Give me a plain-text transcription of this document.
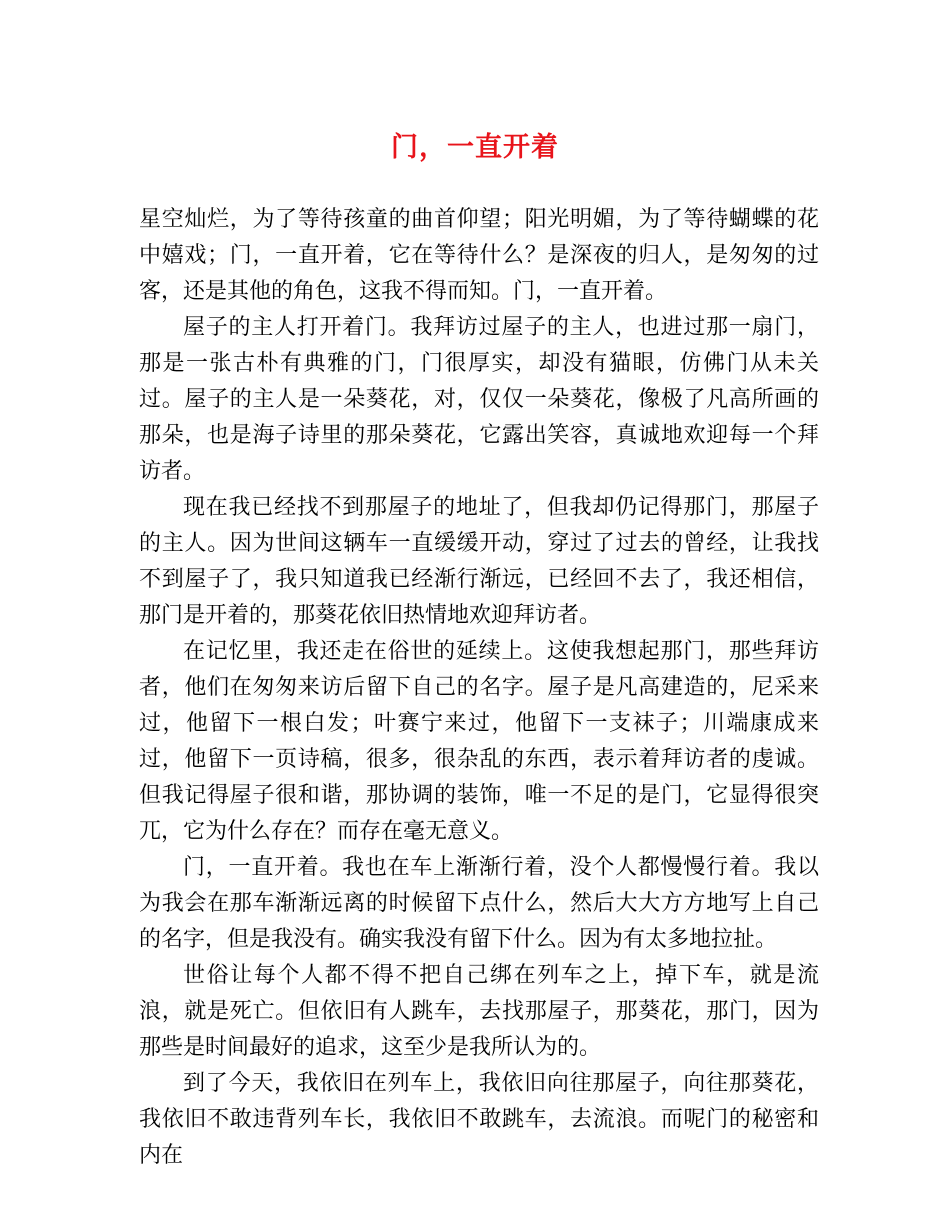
门，一直开着

星空灿烂，为了等待孩童的曲首仰望；阳光明媚，为了等待蝴蝶的花中嬉戏；门，一直开着，它在等待什么？是深夜的归人，是匆匆的过客，还是其他的角色，这我不得而知。门，一直开着。

屋子的主人打开着门。我拜访过屋子的主人，也进过那一扇门，那是一张古朴有典雅的门，门很厚实，却没有猫眼，仿佛门从未关过。屋子的主人是一朵葵花，对，仅仅一朵葵花，像极了凡高所画的那朵，也是海子诗里的那朵葵花，它露出笑容，真诚地欢迎每一个拜访者。

现在我已经找不到那屋子的地址了，但我却仍记得那门，那屋子的主人。因为世间这辆车一直缓缓开动，穿过了过去的曾经，让我找不到屋子了，我只知道我已经渐行渐远，已经回不去了，我还相信，那门是开着的，那葵花依旧热情地欢迎拜访者。

在记忆里，我还走在俗世的延续上。这使我想起那门，那些拜访者，他们在匆匆来访后留下自己的名字。屋子是凡高建造的，尼采来过，他留下一根白发；叶赛宁来过，他留下一支袜子；川端康成来过，他留下一页诗稿，很多，很杂乱的东西，表示着拜访者的虔诚。但我记得屋子很和谐，那协调的装饰，唯一不足的是门，它显得很突兀，它为什么存在？而存在毫无意义。

门，一直开着。我也在车上渐渐行着，没个人都慢慢行着。我以为我会在那车渐渐远离的时候留下点什么，然后大大方方地写上自己的名字，但是我没有。确实我没有留下什么。因为有太多地拉扯。

世俗让每个人都不得不把自己绑在列车之上，掉下车，就是流浪，就是死亡。但依旧有人跳车，去找那屋子，那葵花，那门，因为那些是时间最好的追求，这至少是我所认为的。

到了今天，我依旧在列车上，我依旧向往那屋子，向往那葵花，我依旧不敢违背列车长，我依旧不敢跳车，去流浪。而呢门的秘密和内在
